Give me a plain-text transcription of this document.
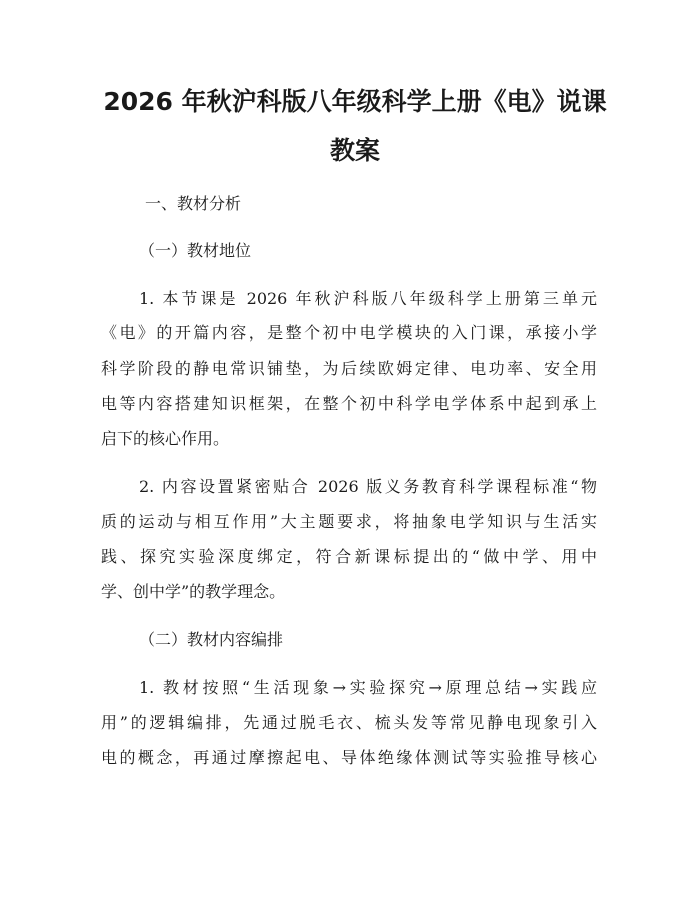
2026 年秋沪科版八年级科学上册《电》说课
教案
一、教材分析
（一）教材地位
1. 本节课是 2026 年秋沪科版八年级科学上册第三单元
《电》的开篇内容，是整个初中电学模块的入门课，承接小学
科学阶段的静电常识铺垫，为后续欧姆定律、电功率、安全用
电等内容搭建知识框架，在整个初中科学电学体系中起到承上
启下的核心作用。
2. 内容设置紧密贴合 2026 版义务教育科学课程标准“物
质的运动与相互作用”大主题要求，将抽象电学知识与生活实
践、探究实验深度绑定，符合新课标提出的“做中学、用中
学、创中学”的教学理念。
（二）教材内容编排
1. 教材按照“生活现象→实验探究→原理总结→实践应
用”的逻辑编排，先通过脱毛衣、梳头发等常见静电现象引入
电的概念，再通过摩擦起电、导体绝缘体测试等实验推导核心
